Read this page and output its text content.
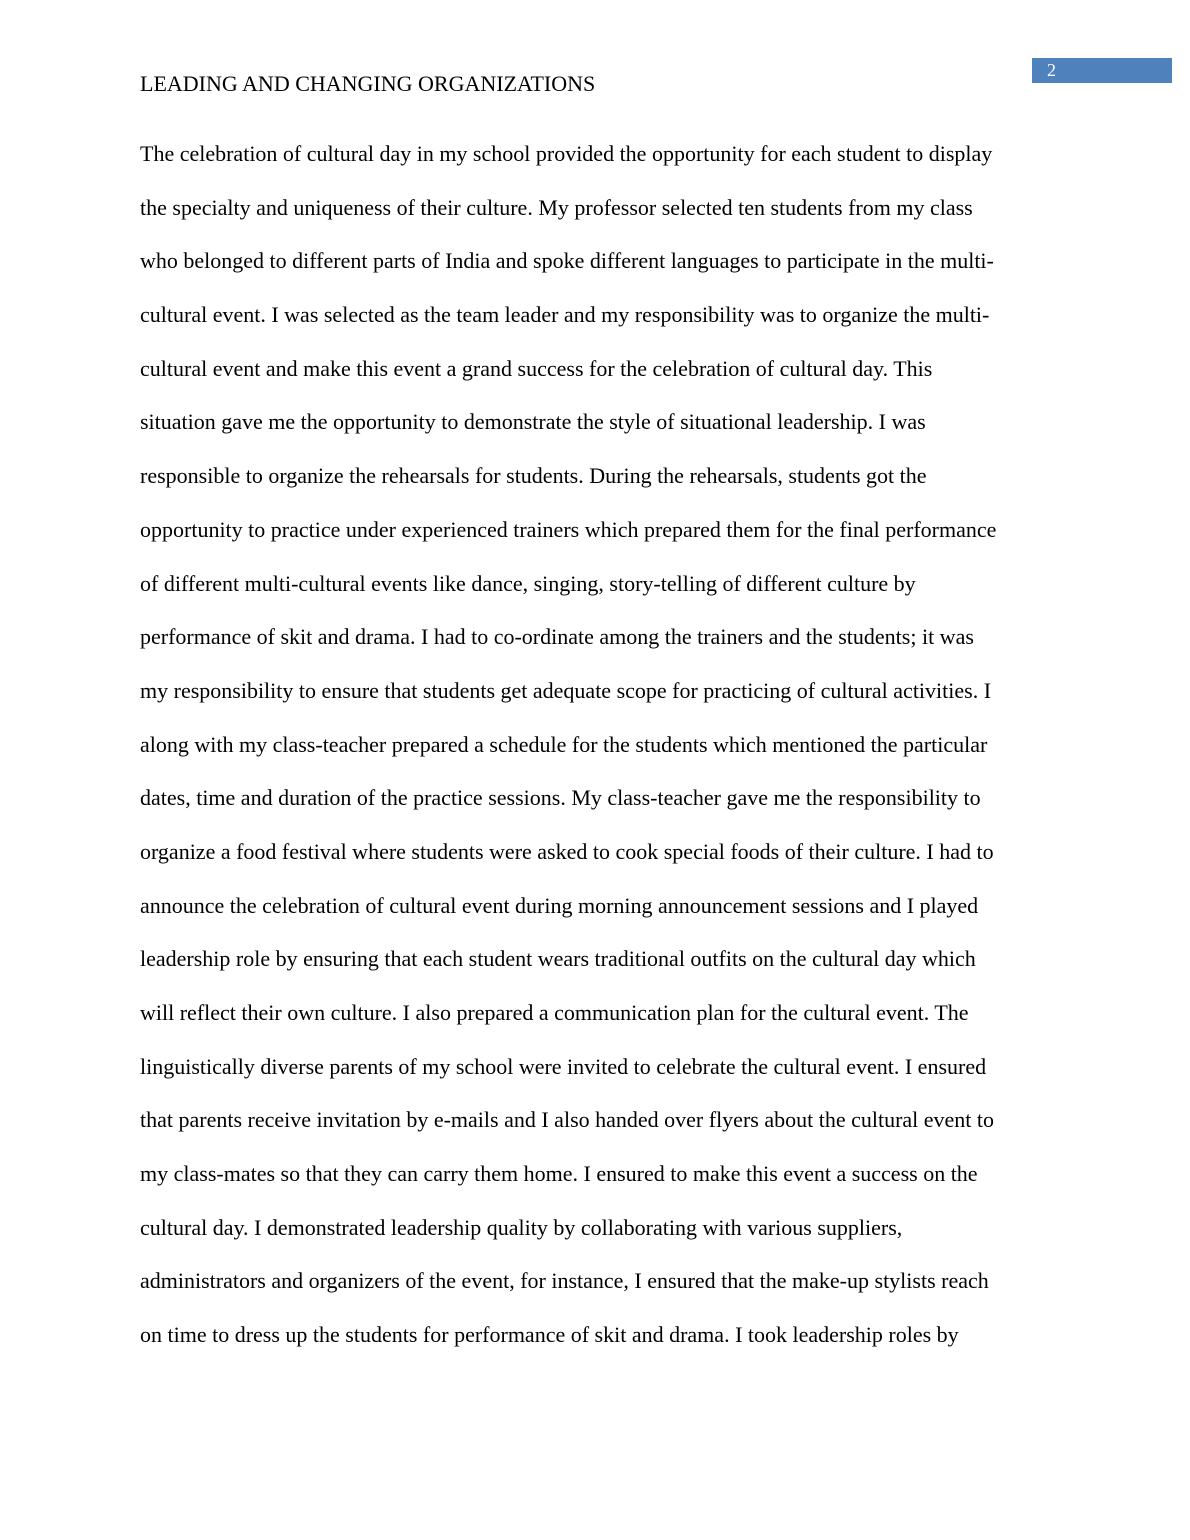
2
LEADING AND CHANGING ORGANIZATIONS
The celebration of cultural day in my school provided the opportunity for each student to display
the specialty and uniqueness of their culture. My professor selected ten students from my class
who belonged to different parts of India and spoke different languages to participate in the multi-
cultural event. I was selected as the team leader and my responsibility was to organize the multi-
cultural event and make this event a grand success for the celebration of cultural day. This
situation gave me the opportunity to demonstrate the style of situational leadership. I was
responsible to organize the rehearsals for students. During the rehearsals, students got the
opportunity to practice under experienced trainers which prepared them for the final performance
of different multi-cultural events like dance, singing, story-telling of different culture by
performance of skit and drama. I had to co-ordinate among the trainers and the students; it was
my responsibility to ensure that students get adequate scope for practicing of cultural activities. I
along with my class-teacher prepared a schedule for the students which mentioned the particular
dates, time and duration of the practice sessions. My class-teacher gave me the responsibility to
organize a food festival where students were asked to cook special foods of their culture. I had to
announce the celebration of cultural event during morning announcement sessions and I played
leadership role by ensuring that each student wears traditional outfits on the cultural day which
will reflect their own culture. I also prepared a communication plan for the cultural event. The
linguistically diverse parents of my school were invited to celebrate the cultural event. I ensured
that parents receive invitation by e-mails and I also handed over flyers about the cultural event to
my class-mates so that they can carry them home. I ensured to make this event a success on the
cultural day. I demonstrated leadership quality by collaborating with various suppliers,
administrators and organizers of the event, for instance, I ensured that the make-up stylists reach
on time to dress up the students for performance of skit and drama. I took leadership roles by
